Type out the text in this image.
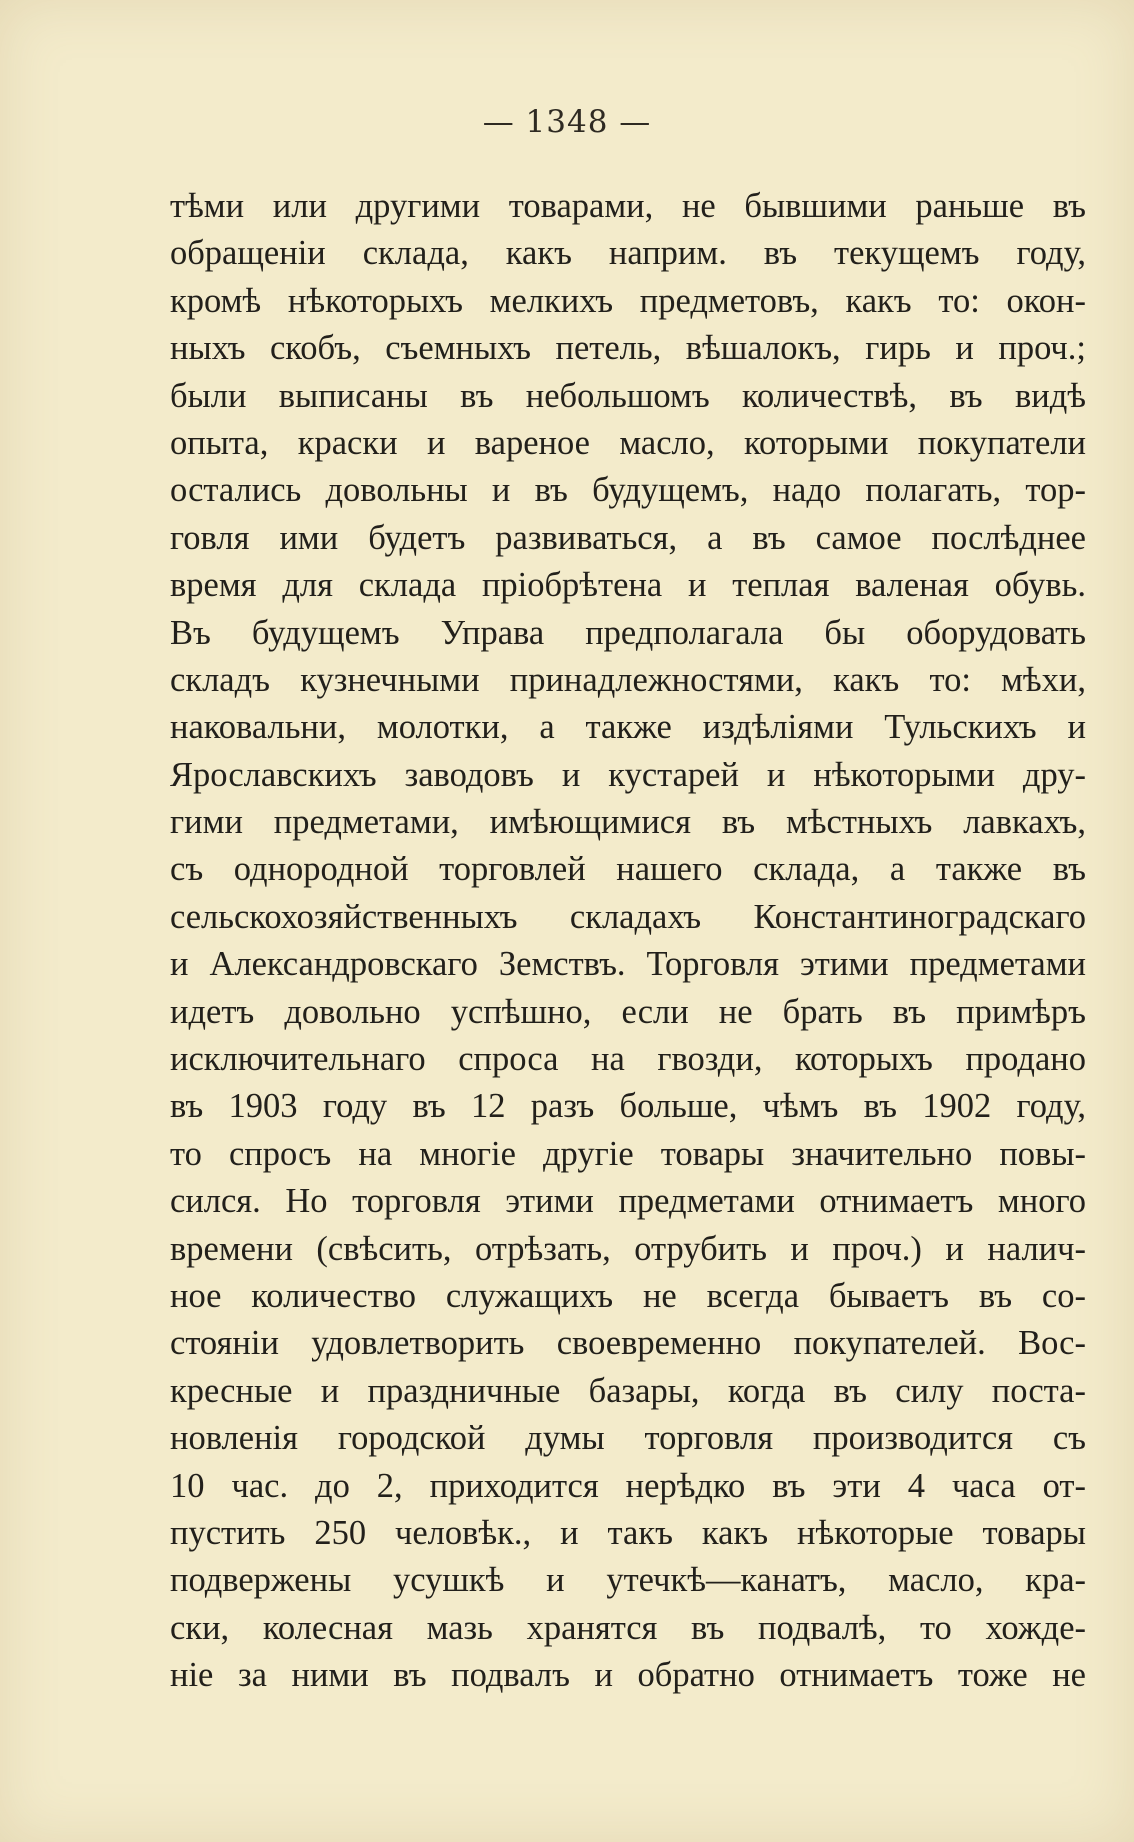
— 1348 —
тѣми или другими товарами, не бывшими раньше въ
обращеніи склада, какъ наприм. въ текущемъ году,
кромѣ нѣкоторыхъ мелкихъ предметовъ, какъ то: окон-
ныхъ скобъ, съемныхъ петель, вѣшалокъ, гирь и проч.;
были выписаны въ небольшомъ количествѣ, въ видѣ
опыта, краски и вареное масло, которыми покупатели
остались довольны и въ будущемъ, надо полагать, тор-
говля ими будетъ развиваться, а въ самое послѣднее
время для склада пріобрѣтена и теплая валеная обувь.
Въ будущемъ Управа предполагала бы оборудовать
складъ кузнечными принадлежностями, какъ то: мѣхи,
наковальни, молотки, а также издѣліями Тульскихъ и
Ярославскихъ заводовъ и кустарей и нѣкоторыми дру-
гими предметами, имѣющимися въ мѣстныхъ лавкахъ,
съ однородной торговлей нашего склада, а также въ
сельскохозяйственныхъ складахъ Константиноградскаго
и Александровскаго Земствъ. Торговля этими предметами
идетъ довольно успѣшно, если не брать въ примѣръ
исключительнаго спроса на гвозди, которыхъ продано
въ 1903 году въ 12 разъ больше, чѣмъ въ 1902 году,
то спросъ на многіе другіе товары значительно повы-
сился. Но торговля этими предметами отнимаетъ много
времени (свѣсить, отрѣзать, отрубить и проч.) и налич-
ное количество служащихъ не всегда бываетъ въ со-
стояніи удовлетворить своевременно покупателей. Вос-
кресные и праздничные базары, когда въ силу поста-
новленія городской думы торговля производится съ
10 час. до 2, приходится нерѣдко въ эти 4 часа от-
пустить 250 человѣк., и такъ какъ нѣкоторые товары
подвержены усушкѣ и утечкѣ—канатъ, масло, кра-
ски, колесная мазь хранятся въ подвалѣ, то хожде-
ніе за ними въ подвалъ и обратно отнимаетъ тоже не
